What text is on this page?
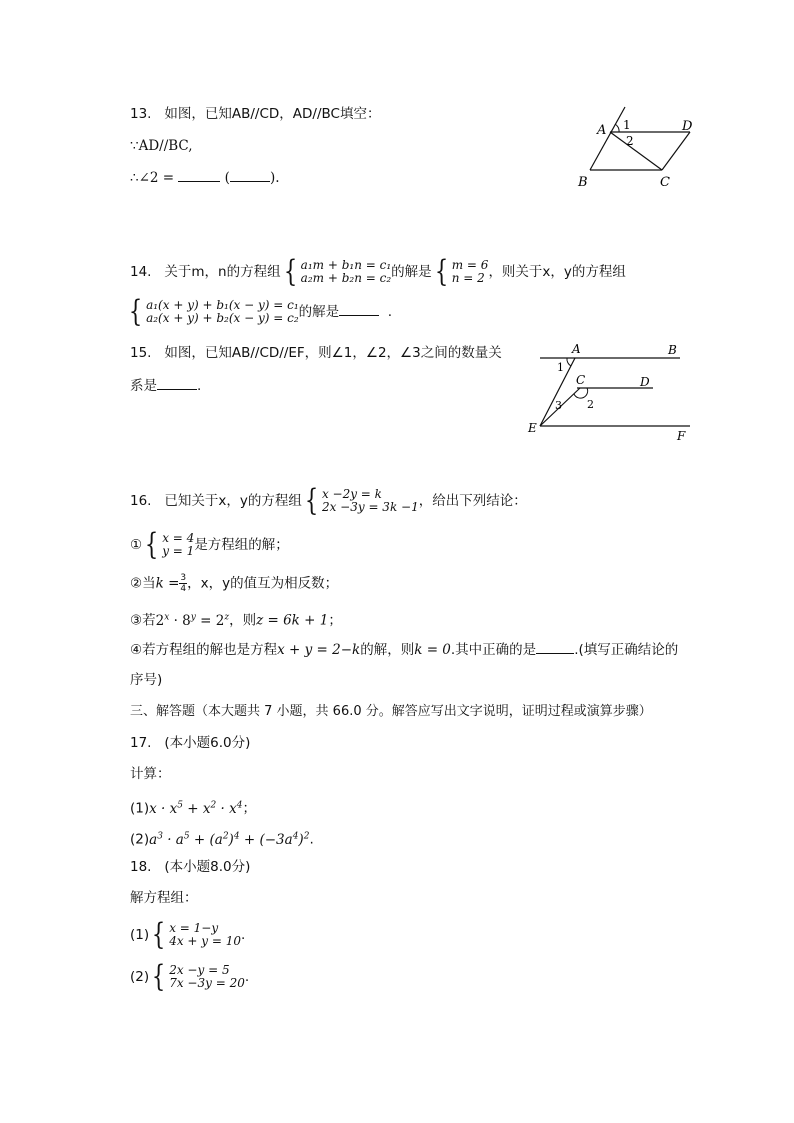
13. 如图，已知AB//CD，AD//BC填空：
∵AD//BC,
∴∠2 =	(	).
A	D
B	C
1
2
14. 关于m，n的方程组 { a₁m + b₁n = c₁
a₂m + b₂n = c₂ 的解是 { m = 6
n = 2 ，则关于x，y的方程组
{ a₁(x + y) + b₁(x − y) = c₁
a₂(x + y) + b₂(x − y) = c₂ 的解是	.
15. 如图，已知AB//CD//EF，则∠1，∠2，∠3之间的数量关
系是	.
A	B
C	D
E
F
1
2
3
16. 已知关于x，y的方程组 { x −2y = k
2x −3y = 3k −1 ，给出下列结论：
① { x = 4
y = 1 是方程组的解；
②当$k = \frac{3}{4}$ ，x，y的值互为相反数；
③若$2^x \cdot 8^y = 2^z$，则z = 6k + 1；
④若方程组的解也是方程x + y = 2−k的解，则k = 0.其中正确的是	.(填写正确结论的
序号)
三、解答题（本大题共 7 小题，共 66.0 分。解答应写出文字说明，证明过程或演算步骤）
17. (本小题6.0分)
计算：
$(1)x \cdot x^5 + x^2 \cdot x^4$；
$(2)a^3 \cdot a^5 + (a^2)^4 + (-3a^4)^2$.
18. (本小题8.0分)
解方程组：
(1) { x = 1−y
4x + y = 10 .
(2) { 2x −y = 5
7x −3y = 20 .
